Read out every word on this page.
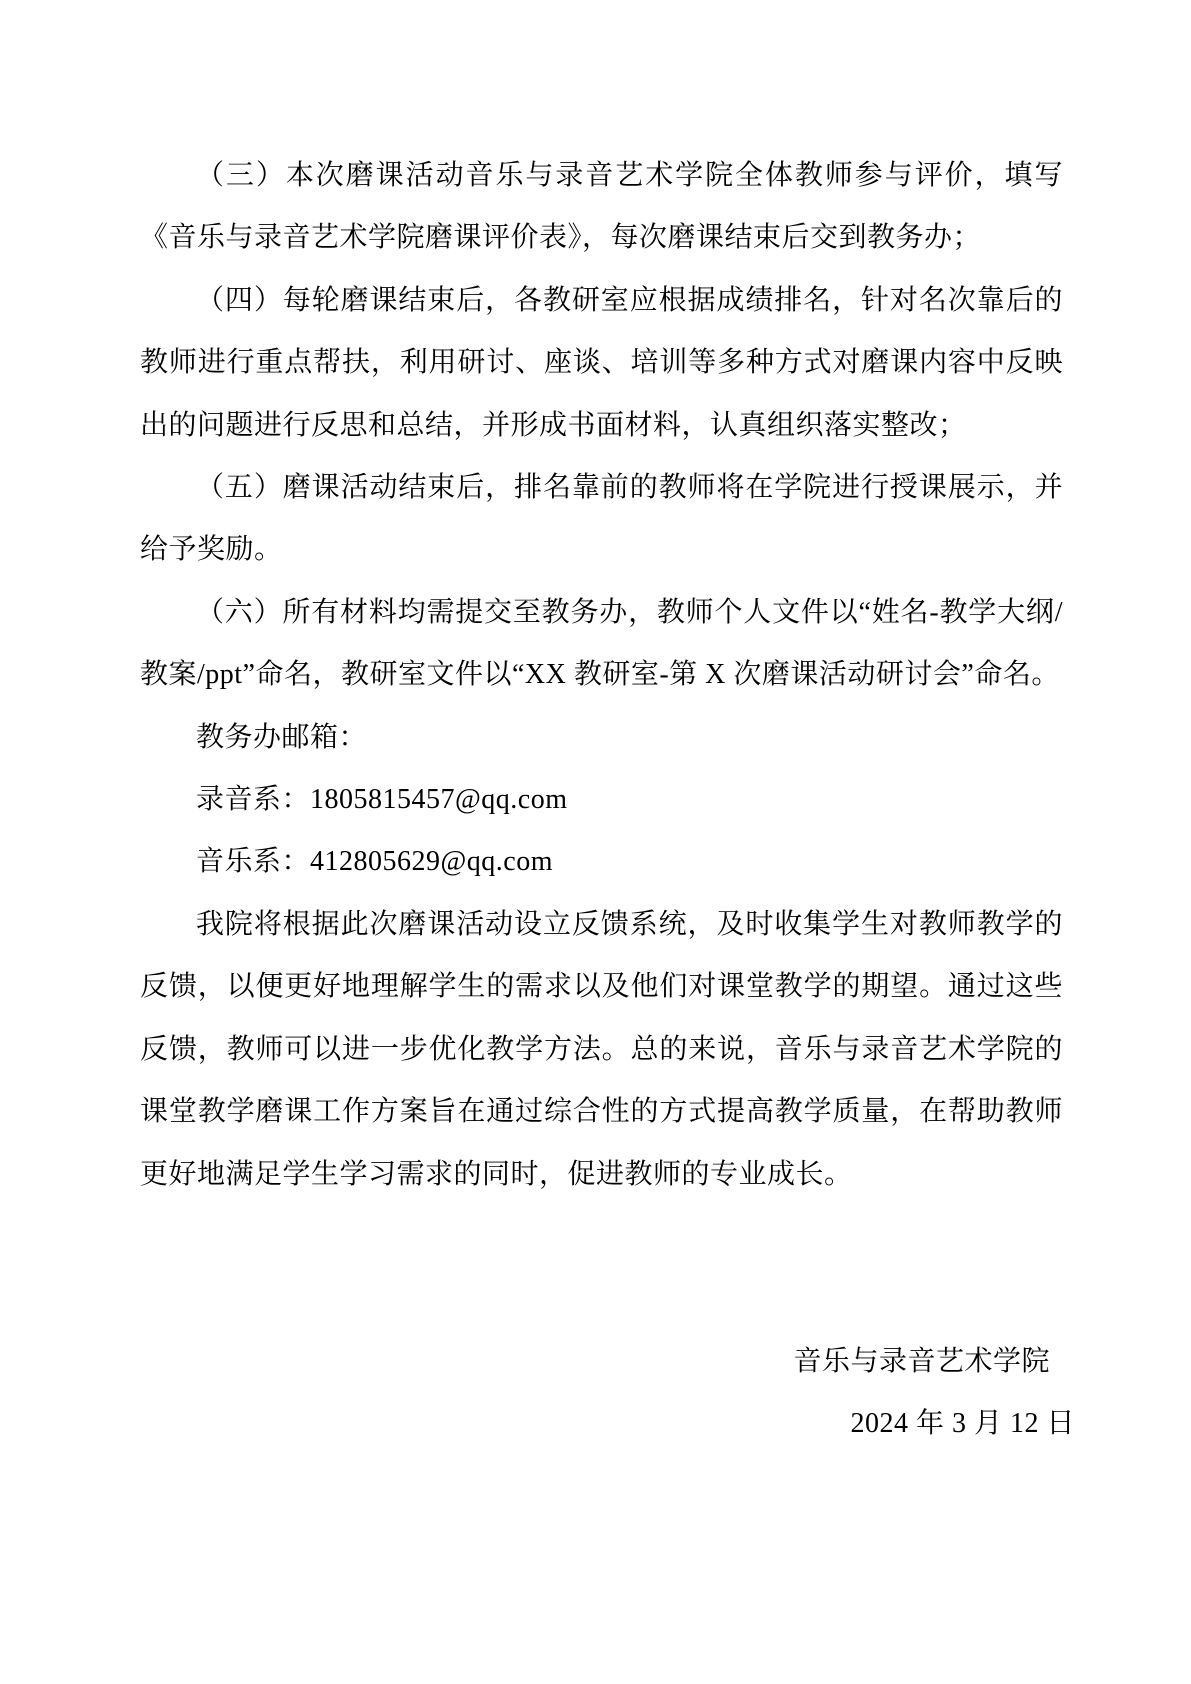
（三）本次磨课活动音乐与录音艺术学院全体教师参与评价，填写《音乐与录音艺术学院磨课评价表》，每次磨课结束后交到教务办；

（四）每轮磨课结束后，各教研室应根据成绩排名，针对名次靠后的教师进行重点帮扶，利用研讨、座谈、培训等多种方式对磨课内容中反映出的问题进行反思和总结，并形成书面材料，认真组织落实整改；

（五）磨课活动结束后，排名靠前的教师将在学院进行授课展示，并给予奖励。

（六）所有材料均需提交至教务办，教师个人文件以“姓名-教学大纲/教案/ppt”命名，教研室文件以“XX 教研室-第 X 次磨课活动研讨会”命名。

教务办邮箱：

录音系：1805815457@qq.com

音乐系：412805629@qq.com

我院将根据此次磨课活动设立反馈系统，及时收集学生对教师教学的反馈，以便更好地理解学生的需求以及他们对课堂教学的期望。通过这些反馈，教师可以进一步优化教学方法。总的来说，音乐与录音艺术学院的课堂教学磨课工作方案旨在通过综合性的方式提高教学质量，在帮助教师更好地满足学生学习需求的同时，促进教师的专业成长。

音乐与录音艺术学院
2024 年 3 月 12 日
